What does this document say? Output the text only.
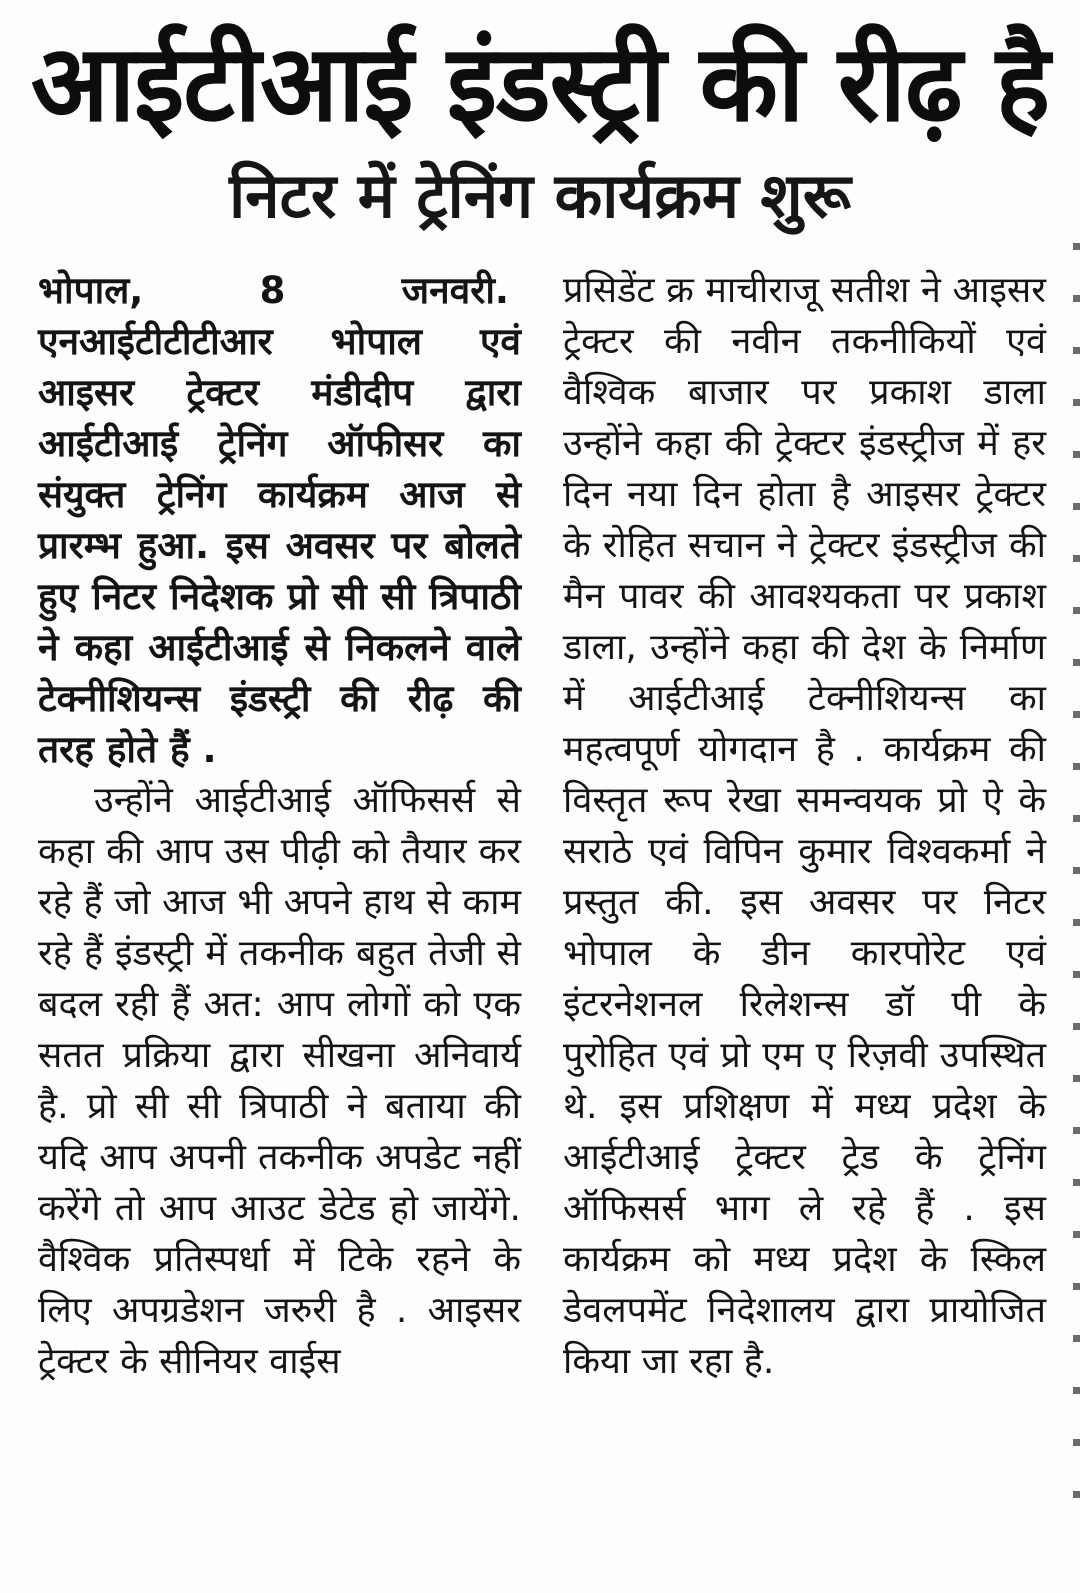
आईटीआई इंडस्ट्री की रीढ़ है
निटर में ट्रेनिंग कार्यक्रम शुरू
भोपाल,	8	जनवरी.

एनआईटीटीटीआर भोपाल एवं आइसर ट्रेक्टर मंडीदीप द्वारा आईटीआई ट्रेनिंग ऑफीसर का संयुक्त ट्रेनिंग कार्यक्रम आज से प्रारम्भ हुआ. इस अवसर पर बोलते हुए निटर निदेशक प्रो सी सी त्रिपाठी ने कहा आईटीआई से निकलने वाले टेक्नीशियन्स इंडस्ट्री की रीढ़ की तरह होते हैं .

उन्होंने आईटीआई ऑफिसर्स से कहा की आप उस पीढ़ी को तैयार कर रहे हैं जो आज भी अपने हाथ से काम रहे हैं इंडस्ट्री में तकनीक बहुत तेजी से बदल रही हैं अत: आप लोगों को एक सतत प्रक्रिया द्वारा सीखना अनिवार्य है. प्रो सी सी त्रिपाठी ने बताया की यदि आप अपनी तकनीक अपडेट नहीं करेंगे तो आप आउट डेटेड हो जायेंगे. वैश्विक प्रतिस्पर्धा में टिके रहने के लिए अपग्रडेशन जरुरी है . आइसर ट्रेक्टर के सीनियर वाईस

प्रसिडेंट क्र माचीराजू सतीश ने आइसर ट्रेक्टर की नवीन तकनीकियों एवं वैश्विक बाजार पर प्रकाश डाला उन्होंने कहा की ट्रेक्टर इंडस्ट्रीज में हर दिन नया दिन होता है आइसर ट्रेक्टर के रोहित सचान ने ट्रेक्टर इंडस्ट्रीज की मैन पावर की आवश्यकता पर प्रकाश डाला, उन्होंने कहा की देश के निर्माण में आईटीआई टेक्नीशियन्स का महत्वपूर्ण योगदान है . कार्यक्रम की विस्तृत रूप रेखा समन्वयक प्रो ऐ के सराठे एवं विपिन कुमार विश्वकर्मा ने प्रस्तुत की. इस अवसर पर निटर भोपाल के डीन कारपोरेट एवं इंटरनेशनल रिलेशन्स डॉ पी के पुरोहित एवं प्रो एम ए रिज़वी उपस्थित थे. इस प्रशिक्षण में मध्य प्रदेश के आईटीआई ट्रेक्टर ट्रेड के ट्रेनिंग ऑफिसर्स भाग ले रहे हैं . इस कार्यक्रम को मध्य प्रदेश के स्किल डेवलपमेंट निदेशालय द्वारा प्रायोजित किया जा रहा है.
